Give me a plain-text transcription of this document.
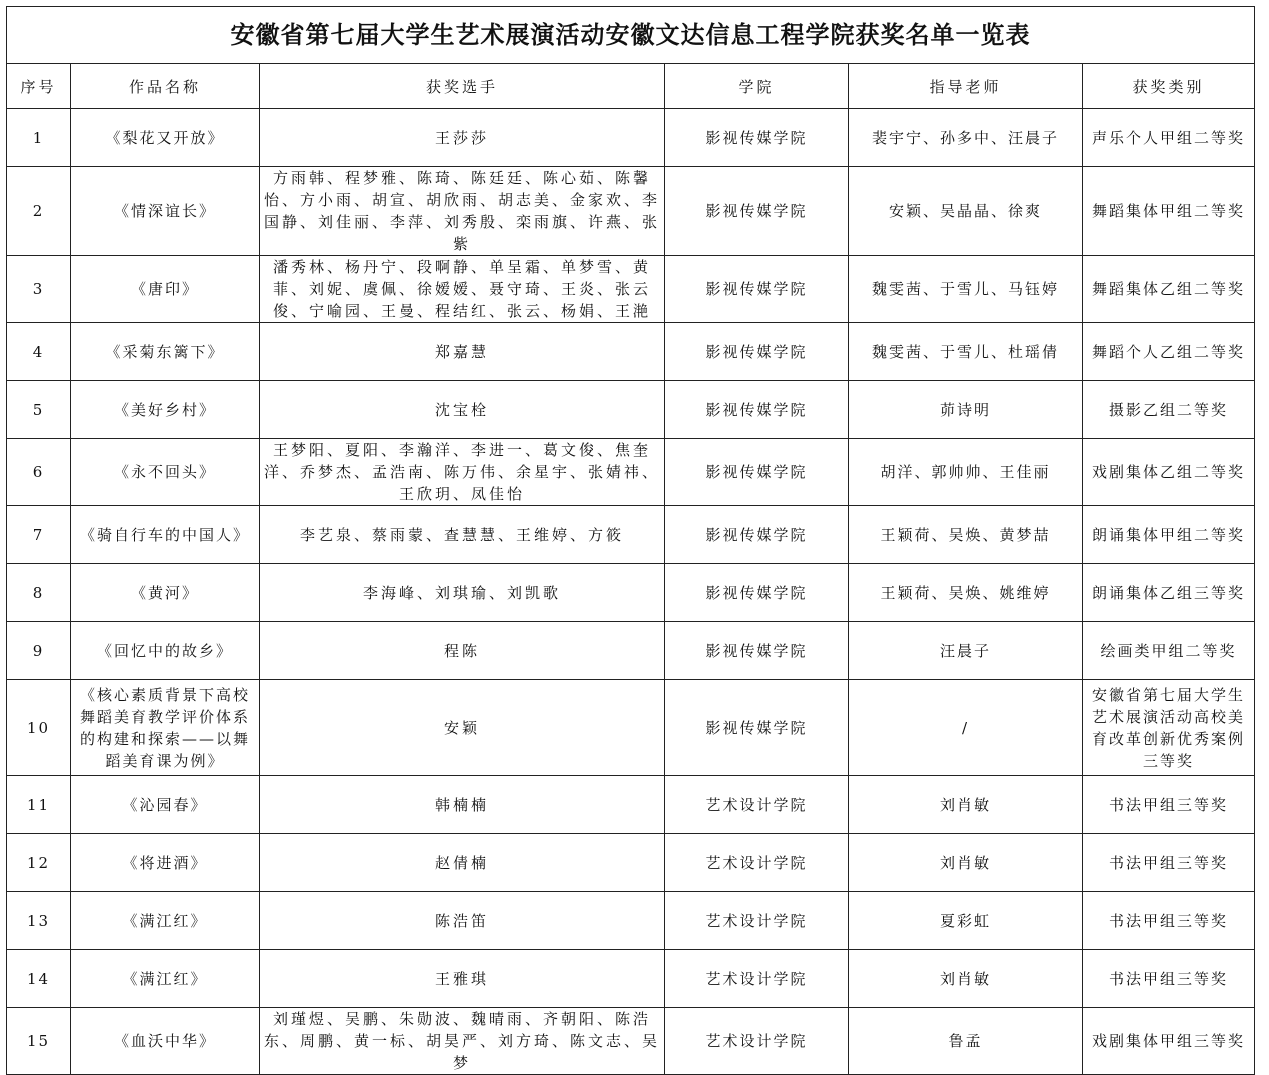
安徽省第七届大学生艺术展演活动安徽文达信息工程学院获奖名单一览表					
序号	作品名称	获奖选手	学院	指导老师	获奖类别
1	《梨花又开放》	王莎莎	影视传媒学院	裴宇宁、孙多中、汪晨子	声乐个人甲组二等奖
2	《情深谊长》	方雨韩、程梦雅、陈琦、陈廷廷、陈心茹、陈馨怡、方小雨、胡宣、胡欣雨、胡志美、金家欢、李国静、刘佳丽、李萍、刘秀殷、栾雨旗、许燕、张紫	影视传媒学院	安颖、吴晶晶、徐爽	舞蹈集体甲组二等奖
3	《唐印》	潘秀林、杨丹宁、段啊静、单呈霜、单梦雪、黄菲、刘妮、虞佩、徐嫒嫒、聂守琦、王炎、张云俊、宁喻园、王曼、程结红、张云、杨娟、王滟	影视传媒学院	魏雯茜、于雪儿、马钰婷	舞蹈集体乙组二等奖
4	《采菊东篱下》	郑嘉慧	影视传媒学院	魏雯茜、于雪儿、杜瑶倩	舞蹈个人乙组二等奖
5	《美好乡村》	沈宝栓	影视传媒学院	茆诗明	摄影乙组二等奖
6	《永不回头》	王梦阳、夏阳、李瀚洋、李进一、葛文俊、焦奎洋、乔梦杰、孟浩南、陈万伟、余星宇、张婧祎、王欣玥、凤佳怡	影视传媒学院	胡洋、郭帅帅、王佳丽	戏剧集体乙组二等奖
7	《骑自行车的中国人》	李艺泉、蔡雨蒙、查慧慧、王维婷、方筱	影视传媒学院	王颖荷、吴焕、黄梦喆	朗诵集体甲组二等奖
8	《黄河》	李海峰、刘琪瑜、刘凯歌	影视传媒学院	王颖荷、吴焕、姚维婷	朗诵集体乙组三等奖
9	《回忆中的故乡》	程陈	影视传媒学院	汪晨子	绘画类甲组二等奖
10	《核心素质背景下高校舞蹈美育教学评价体系的构建和探索——以舞蹈美育课为例》	安颖	影视传媒学院	/	安徽省第七届大学生艺术展演活动高校美育改革创新优秀案例三等奖
11	《沁园春》	韩楠楠	艺术设计学院	刘肖敏	书法甲组三等奖
12	《将进酒》	赵倩楠	艺术设计学院	刘肖敏	书法甲组三等奖
13	《满江红》	陈浩笛	艺术设计学院	夏彩虹	书法甲组三等奖
14	《满江红》	王雅琪	艺术设计学院	刘肖敏	书法甲组三等奖
15	《血沃中华》	刘瑾煜、吴鹏、朱勋波、魏晴雨、齐朝阳、陈浩东、周鹏、黄一标、胡昊严、刘方琦、陈文志、吴梦	艺术设计学院	鲁孟	戏剧集体甲组三等奖
